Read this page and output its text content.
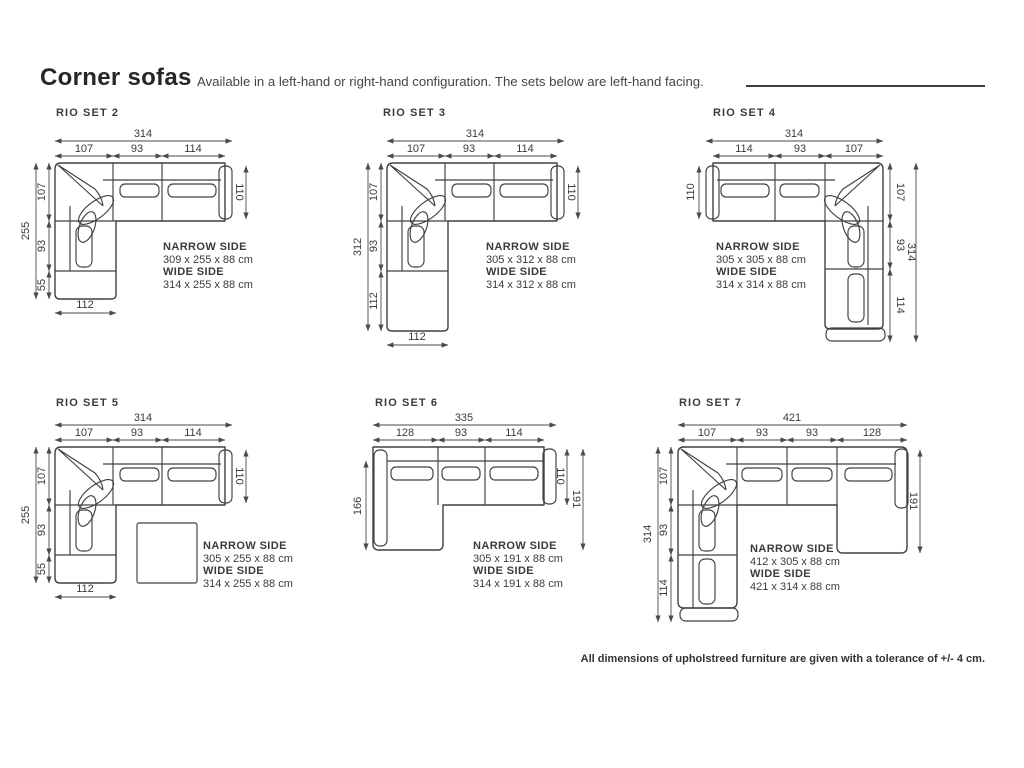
Corner sofas Available in a left-hand or right-hand configuration. The sets below are left-hand facing.
RIO SET 2	RIO SET 3	RIO SET 4
RIO SET 5	RIO SET 6	RIO SET 7
NARROW SIDE
309 x 255 x 88 cm
WIDE SIDE
314 x 255 x 88 cm
NARROW SIDE
305 x 312 x 88 cm
WIDE SIDE
314 x 312 x 88 cm
NARROW SIDE
305 x 305 x 88 cm
WIDE SIDE
314 x 314 x 88 cm
NARROW SIDE
305 x 255 x 88 cm
WIDE SIDE
314 x 255 x 88 cm
NARROW SIDE
305 x 191 x 88 cm
WIDE SIDE
314 x 191 x 88 cm
NARROW SIDE
412 x 305 x 88 cm
WIDE SIDE
421 x 314 x 88 cm
All dimensions of upholstreed furniture are given with a tolerance of +/- 4 cm.
314
107	93	114
255
107
93
55
110
112
314
107	93	114
312
107
93
112
110
112
314
114	93	107
110	107
93
114
314
314
107	93	114
255
107
93
55
110
112
335
128	93	114
166
110
191
421
107	93	93	128
314
107
93
114
191
